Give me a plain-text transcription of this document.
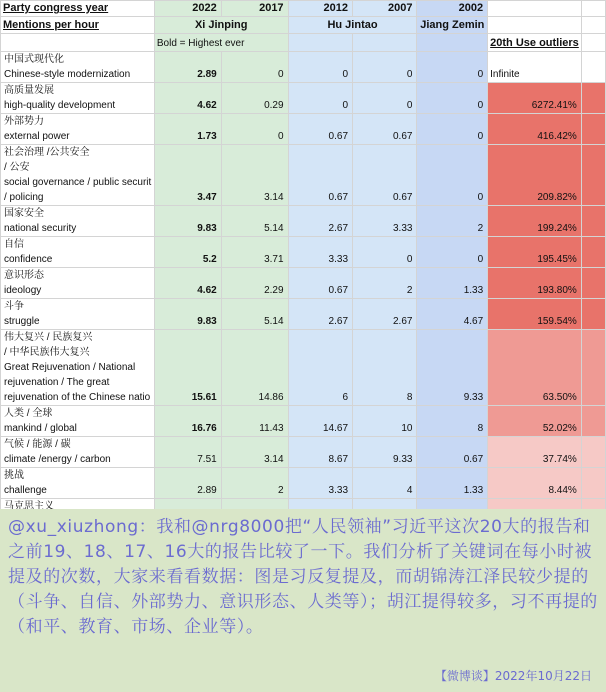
Party congress year	2022	2017	2012	2007	2002		
Mentions per hour	Xi Jinping		Hu Jintao		Jiang Zemin		
	Bold = Highest ever					20th Use outliers	

中国式现代化
Chinese-style modernization	2.89	0	0	0	0	Infinite	

高质量发展
high-quality development	4.62	0.29	0	0	0	6272.41%	

外部势力
external power	1.73	0	0.67	0.67	0	416.42%	

社会治理 /公共安全
/ 公安
social governance / public securit
/ policing	3.47	3.14	0.67	0.67	0	209.82%	

国家安全
national security	9.83	5.14	2.67	3.33	2	199.24%	

自信
confidence	5.2	3.71	3.33	0	0	195.45%	

意识形态
ideology	4.62	2.29	0.67	2	1.33	193.80%	

斗争
struggle	9.83	5.14	2.67	2.67	4.67	159.54%	

伟大复兴 / 民族复兴
/ 中华民族伟大复兴
Great Rejuvenation / National
rejuvenation / The great
rejuvenation of the Chinese natio	15.61	14.86	6	8	9.33	63.50%	

人类 / 全球
mankind / global	16.76	11.43	14.67	10	8	52.02%	

气候 / 能源 / 碳
climate /energy / carbon	7.51	3.14	8.67	9.33	0.67	37.74%	

挑战
challenge	2.89	2	3.33	4	1.33	8.44%	

马克思主义

@xu_xiuzhong：我和@nrg8000把“人民领袖”习近平这次20大的报告和之前19、18、17、16大的报告比较了一下。我们分析了关键词在每小时被提及的次数，大家来看看数据：图是习反复提及，而胡锦涛江泽民较少提的（斗争、自信、外部势力、意识形态、人类等）；胡江提得较多，习不再提的（和平、教育、市场、企业等）。
【微博谈】2022年10月22日
